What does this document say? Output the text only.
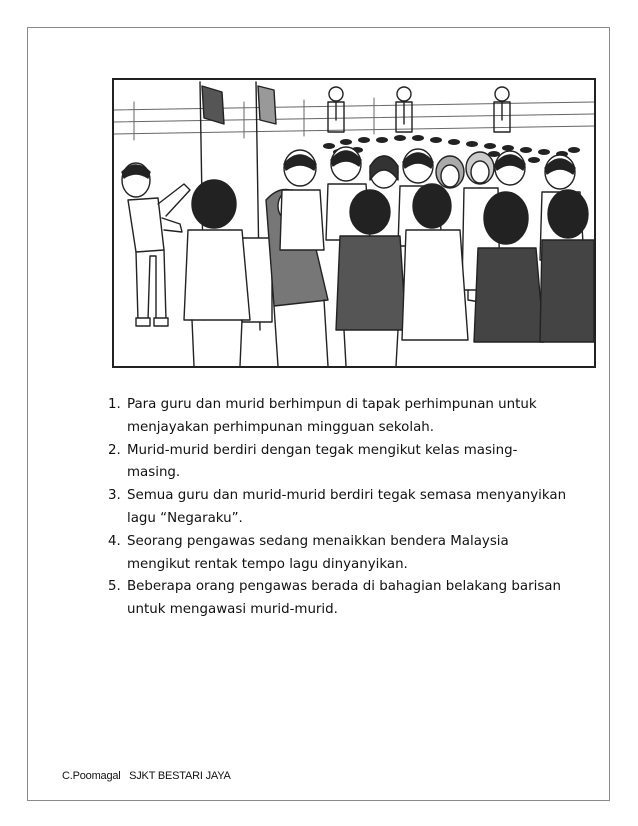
1. Para guru dan murid berhimpun di tapak perhimpunan untuk
menjayakan perhimpunan mingguan sekolah.
2. Murid-murid berdiri dengan tegak mengikut kelas masing-
masing.
3. Semua guru dan murid-murid berdiri tegak semasa menyanyikan
lagu “Negaraku”.
4. Seorang pengawas sedang menaikkan bendera Malaysia
mengikut rentak tempo lagu dinyanyikan.
5. Beberapa orang pengawas berada di bahagian belakang barisan
untuk mengawasi murid-murid.
C.Poomagal SJKT BESTARI JAYA
